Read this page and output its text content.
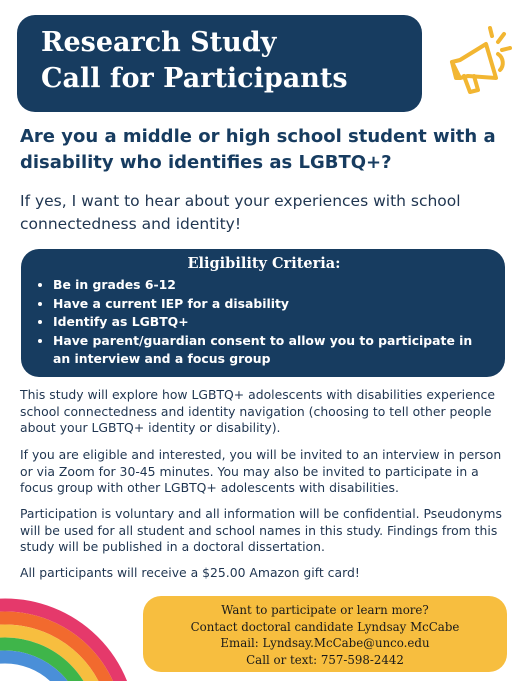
Research Study
Call for Participants
Are you a middle or high school student with a disability who identifies as LGBTQ+?
If yes, I want to hear about your experiences with school connectedness and identity!
Eligibility Criteria:
• Be in grades 6-12
• Have a current IEP for a disability
• Identify as LGBTQ+
• Have parent/guardian consent to allow you to participate in an interview and a focus group
This study will explore how LGBTQ+ adolescents with disabilities experience school connectedness and identity navigation (choosing to tell other people about your LGBTQ+ identity or disability).
If you are eligible and interested, you will be invited to an interview in person or via Zoom for 30-45 minutes. You may also be invited to participate in a focus group with other LGBTQ+ adolescents with disabilities.
Participation is voluntary and all information will be confidential. Pseudonyms will be used for all student and school names in this study. Findings from this study will be published in a doctoral dissertation.
All participants will receive a $25.00 Amazon gift card!
Want to participate or learn more?
Contact doctoral candidate Lyndsay McCabe
Email: Lyndsay.McCabe@unco.edu
Call or text: 757-598-2442
